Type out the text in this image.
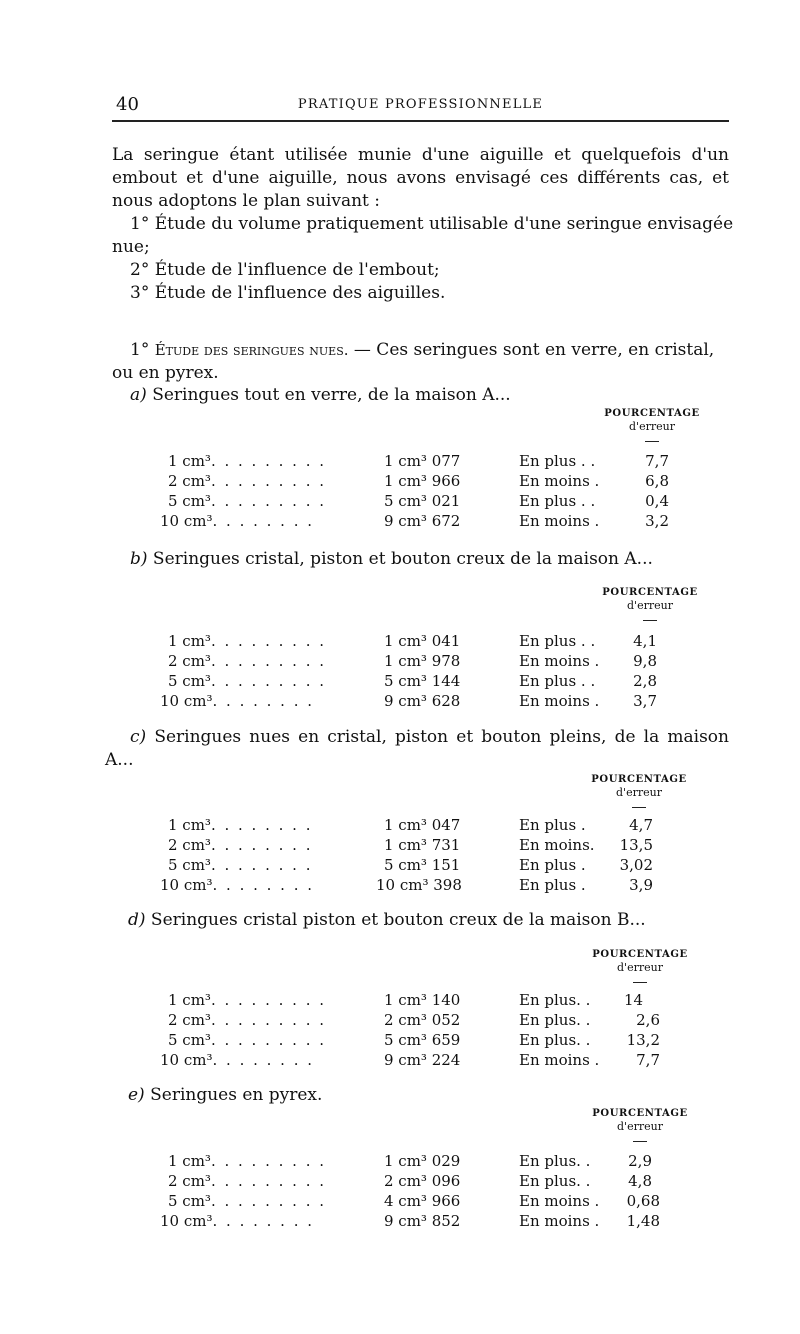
40	PRATIQUE PROFESSIONNELLE
La seringue étant utilisée munie d'une aiguille et quelquefois d'un
embout et d'une aiguille, nous avons envisagé ces différents cas, et
nous adoptons le plan suivant :
1° Étude du volume pratiquement utilisable d'une seringue envisagée
nue;
2° Étude de l'influence de l'embout;
3° Étude de l'influence des aiguilles.
1° Étude des seringues nues. — Ces seringues sont en verre, en cristal,
ou en pyrex.
a) Seringues tout en verre, de la maison A...
POURCENTAGE
d'erreur
1 cm³. . . . . . . . .	1 cm³ 077	En plus . .	7,7
2 cm³. . . . . . . . .	1 cm³ 966	En moins .	6,8
5 cm³. . . . . . . . .	5 cm³ 021	En plus . .	0,4
10 cm³. . . . . . . .	9 cm³ 672	En moins .	3,2
b) Seringues cristal, piston et bouton creux de la maison A...
POURCENTAGE
d'erreur
1 cm³. . . . . . . . .	1 cm³ 041	En plus . .	4,1
2 cm³. . . . . . . . .	1 cm³ 978	En moins .	9,8
5 cm³. . . . . . . . .	5 cm³ 144	En plus . .	2,8
10 cm³. . . . . . . .	9 cm³ 628	En moins .	3,7
c) Seringues nues en cristal, piston et bouton pleins, de la maison
A...
POURCENTAGE
d'erreur
1 cm³. . . . . . . .	1 cm³ 047	En plus .	4,7
2 cm³. . . . . . . .	1 cm³ 731	En moins.	13,5
5 cm³. . . . . . . .	5 cm³ 151	En plus .	3,02
10 cm³. . . . . . . .	10 cm³ 398	En plus .	3,9
d) Seringues cristal piston et bouton creux de la maison B...
POURCENTAGE
d'erreur
1 cm³. . . . . . . . .	1 cm³ 140	En plus. .	14
2 cm³. . . . . . . . .	2 cm³ 052	En plus. .	2,6
5 cm³. . . . . . . . .	5 cm³ 659	En plus. .	13,2
10 cm³. . . . . . . .	9 cm³ 224	En moins .	7,7
e) Seringues en pyrex.
POURCENTAGE
d'erreur
1 cm³. . . . . . . . .	1 cm³ 029	En plus. .	2,9
2 cm³. . . . . . . . .	2 cm³ 096	En plus. .	4,8
5 cm³. . . . . . . . .	4 cm³ 966	En moins .	0,68
10 cm³. . . . . . . .	9 cm³ 852	En moins .	1,48
